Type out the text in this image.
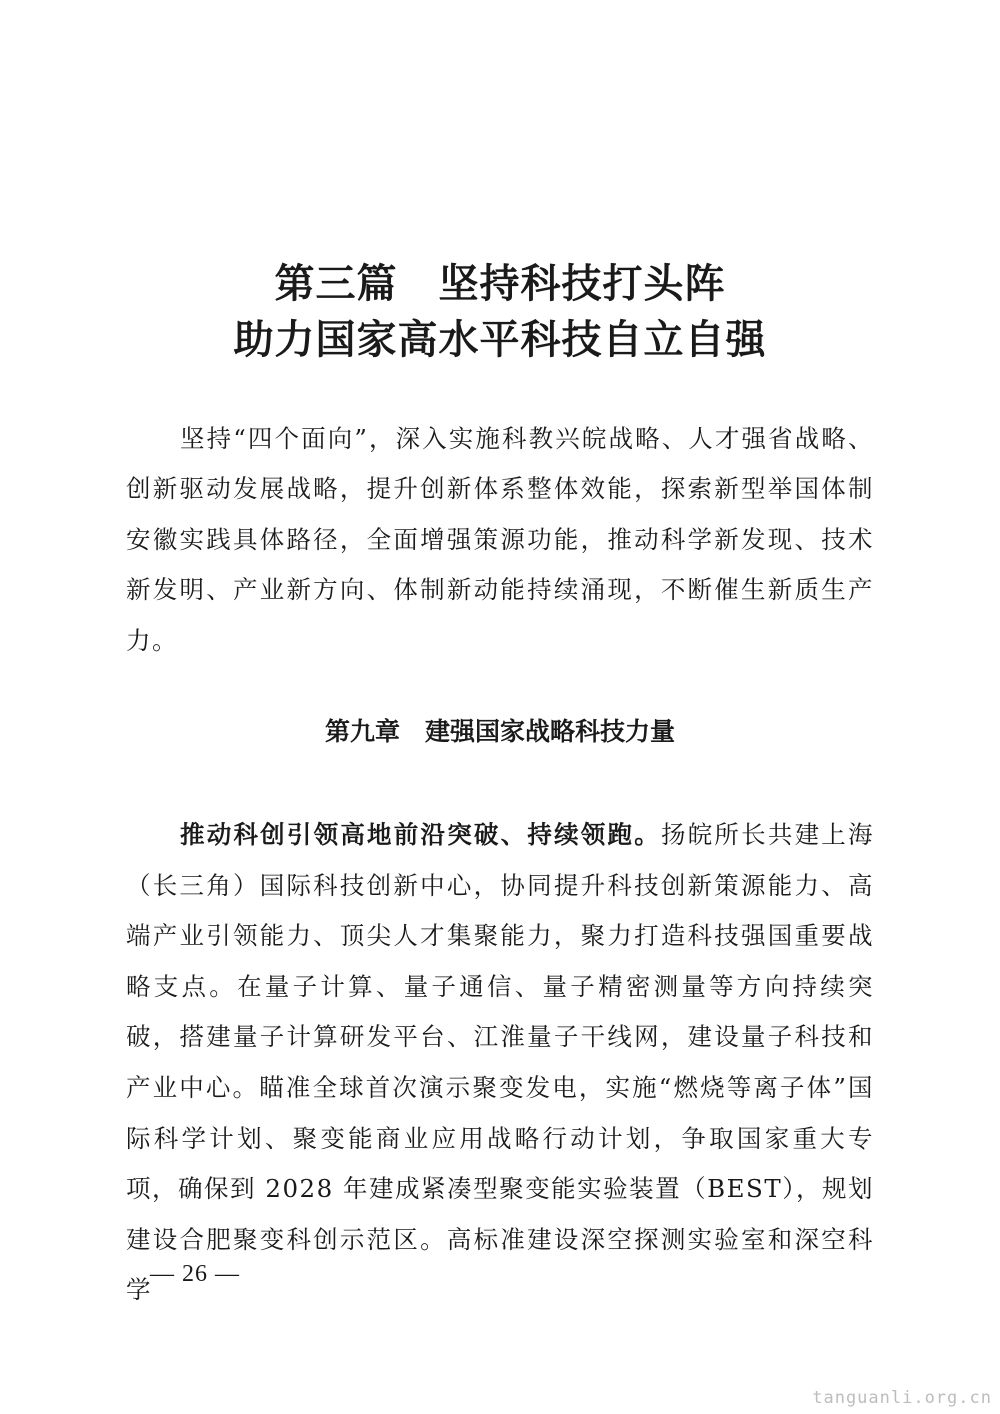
第三篇　坚持科技打头阵
助力国家高水平科技自立自强

坚持“四个面向”，深入实施科教兴皖战略、人才强省战略、创新驱动发展战略，提升创新体系整体效能，探索新型举国体制安徽实践具体路径，全面增强策源功能，推动科学新发现、技术新发明、产业新方向、体制新动能持续涌现，不断催生新质生产力。

第九章　建强国家战略科技力量

推动科创引领高地前沿突破、持续领跑。扬皖所长共建上海（长三角）国际科技创新中心，协同提升科技创新策源能力、高端产业引领能力、顶尖人才集聚能力，聚力打造科技强国重要战略支点。在量子计算、量子通信、量子精密测量等方向持续突破，搭建量子计算研发平台、江淮量子干线网，建设量子科技和产业中心。瞄准全球首次演示聚变发电，实施“燃烧等离子体”国际科学计划、聚变能商业应用战略行动计划，争取国家重大专项，确保到 2028 年建成紧凑型聚变能实验装置（BEST），规划建设合肥聚变科创示范区。高标准建设深空探测实验室和深空科学

— 26 —
tanguanli.org.cn
